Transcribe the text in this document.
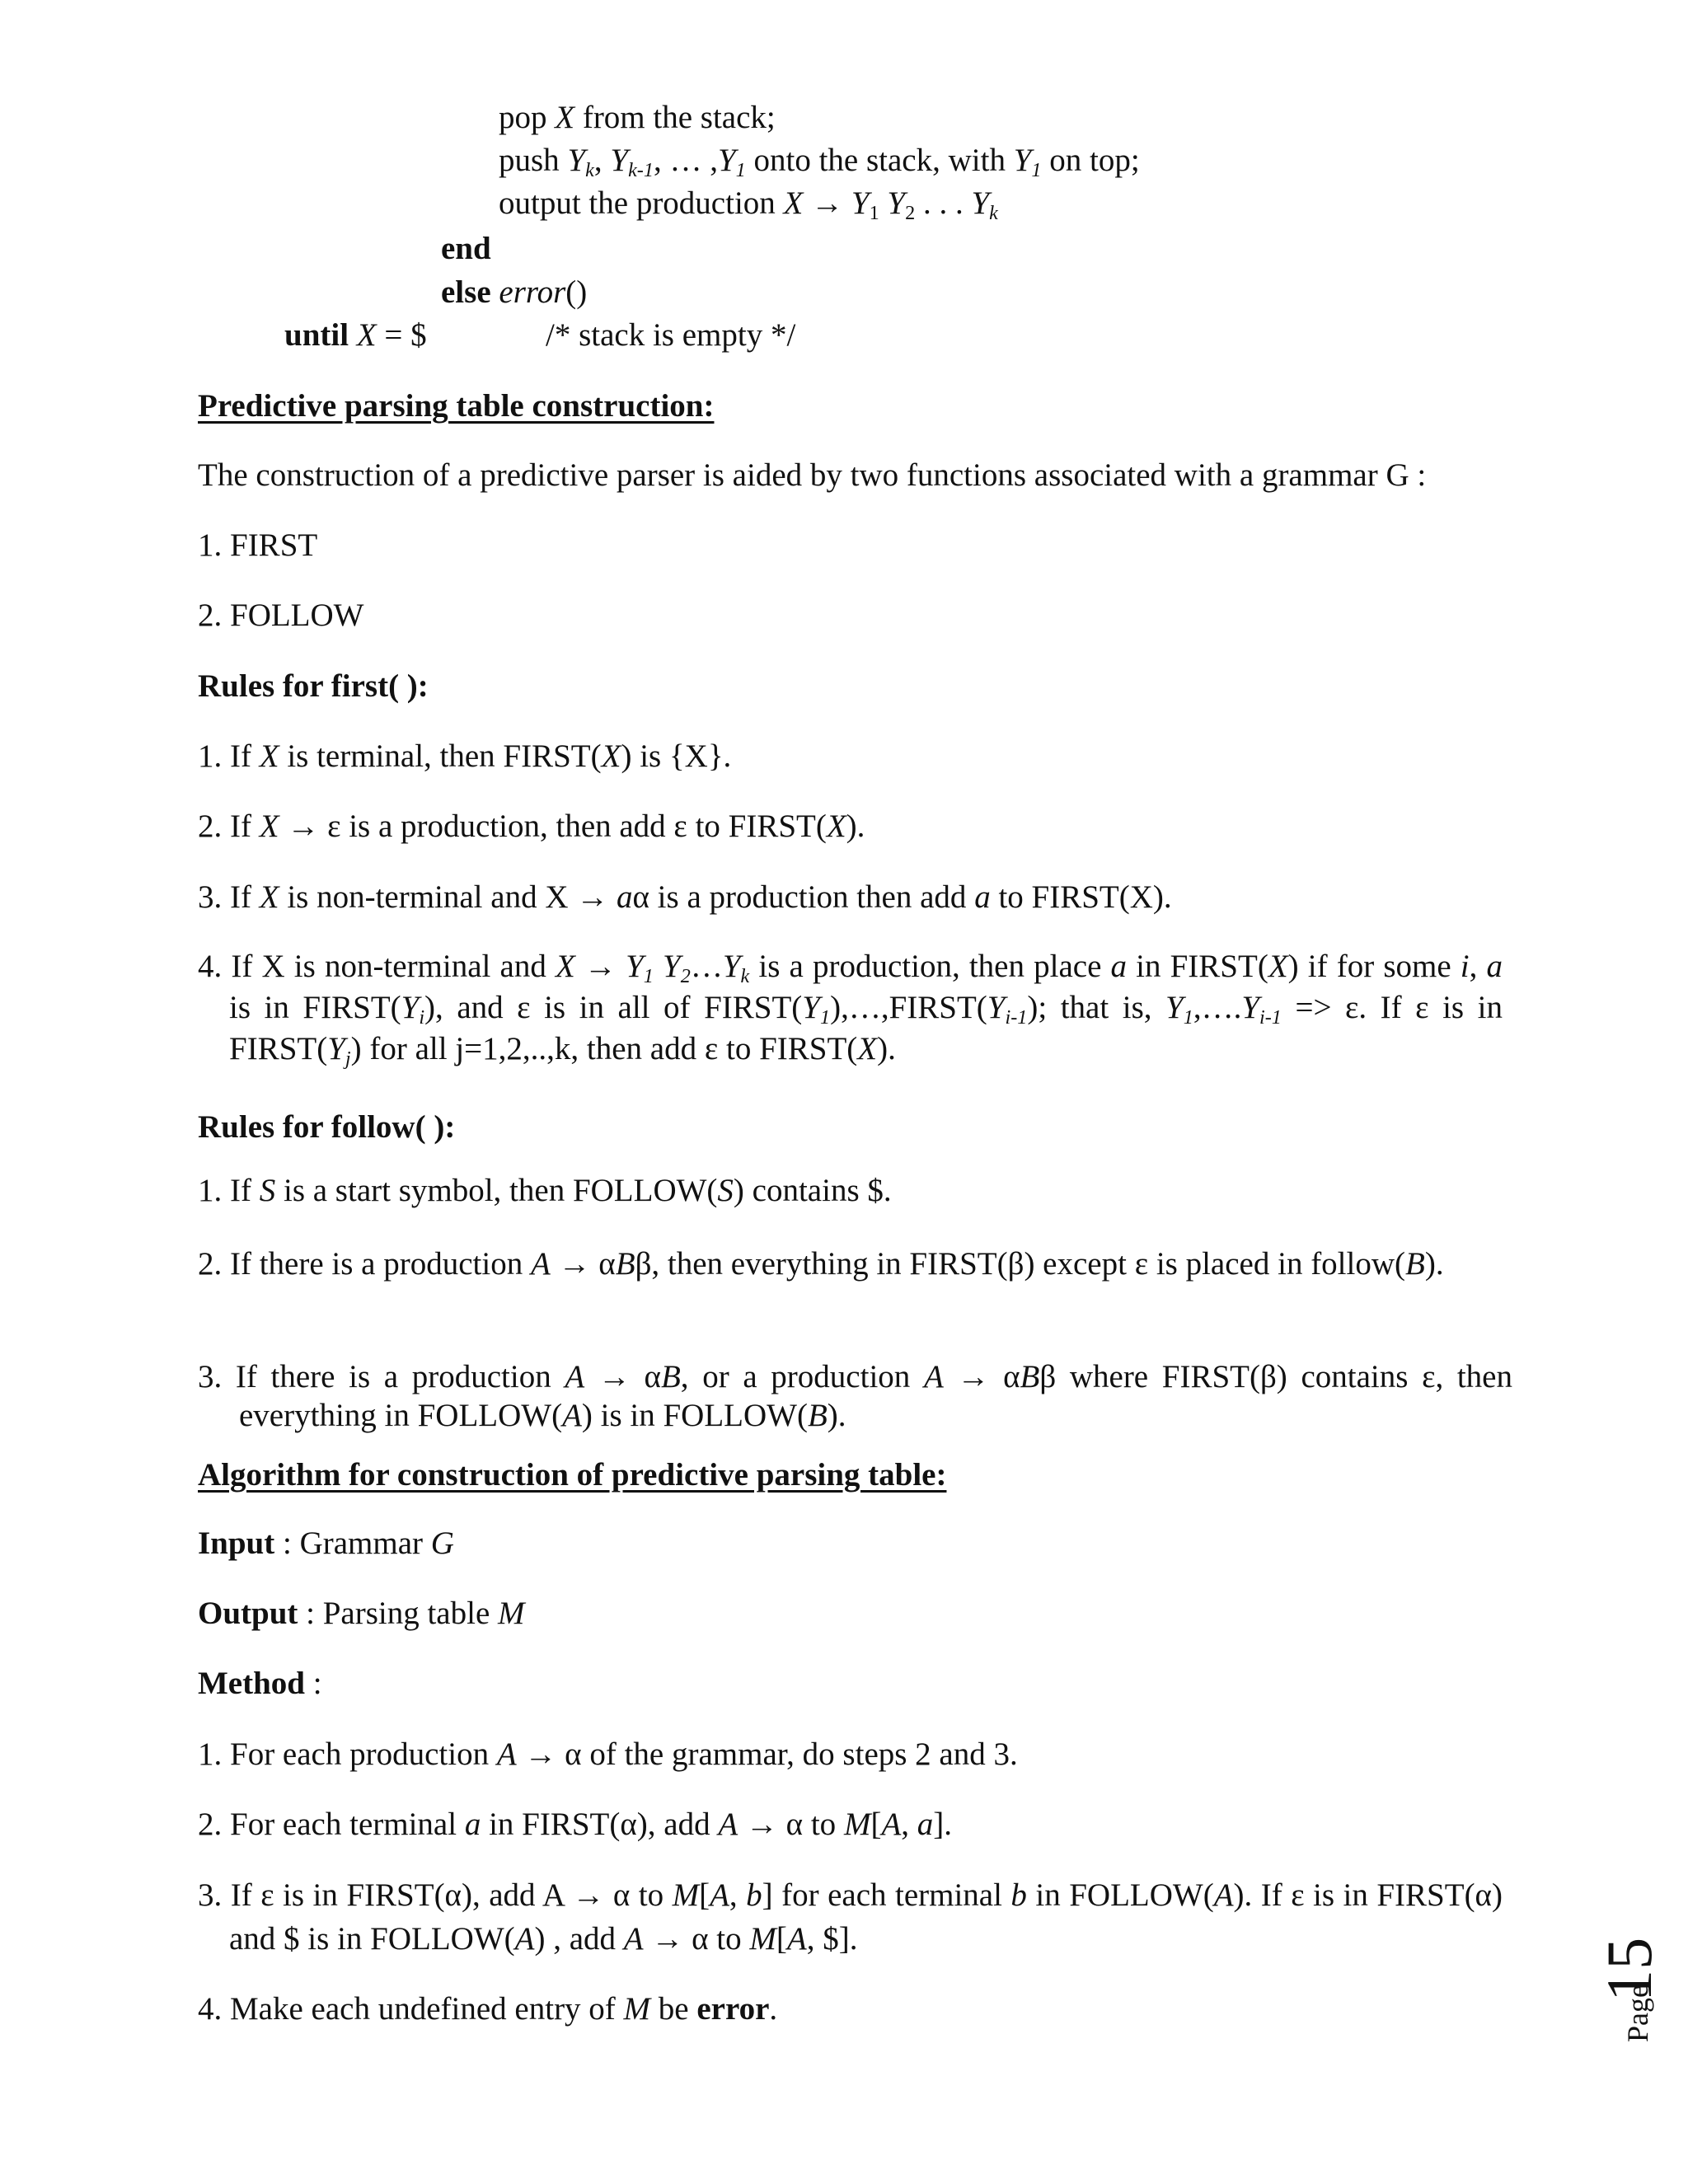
pop X from the stack;
push $Y_k$, $Y_{k-1}$, … $,Y_1$ onto the stack, with $Y_1$ on top;
output the production $X \to Y_1$ $Y_2$ . . . $Y_k$
end
else error()
until X = $	/* stack is empty */
Predictive parsing table construction:
The construction of a predictive parser is aided by two functions associated with a grammar G :
1. FIRST
2. FOLLOW
Rules for first( ):
1. If X is terminal, then FIRST(X) is {X}.
2. If X → ε is a production, then add ε to FIRST(X).
3. If X is non-terminal and X → aα is a production then add a to FIRST(X).
4. If X is non-terminal and $X \to Y_1$ $Y_2\dots Y_k$ is a production, then place a in FIRST(X) if for some i, a is in $FIRST(Y_i)$, and ε is in all of $FIRST(Y_1),\dots,FIRST(Y_{i-1})$; that is, $Y_1,\dots.Y_{i-1} => \varepsilon$. If ε is in $FIRST(Y_j)$ for all j=1,2,..,k, then add ε to FIRST(X).
Rules for follow( ):
1. If S is a start symbol, then FOLLOW(S) contains $.
2. If there is a production A → αBβ, then everything in FIRST(β) except ε is placed in follow(B).
3. If there is a production A → αB, or a production A → αBβ where FIRST(β) contains ε, then everything in FOLLOW(A) is in FOLLOW(B).
Algorithm for construction of predictive parsing table:
Input : Grammar G
Output : Parsing table M
Method :
1. For each production A → α of the grammar, do steps 2 and 3.
2. For each terminal a in FIRST(α), add A → α to M[A, a].
3. If ε is in FIRST(α), add A → α to M[A, b] for each terminal b in FOLLOW(A). If ε is in FIRST(α) and $ is in FOLLOW(A) , add A → α to M[A, $].
4. Make each undefined entry of M be error.
15
Page
